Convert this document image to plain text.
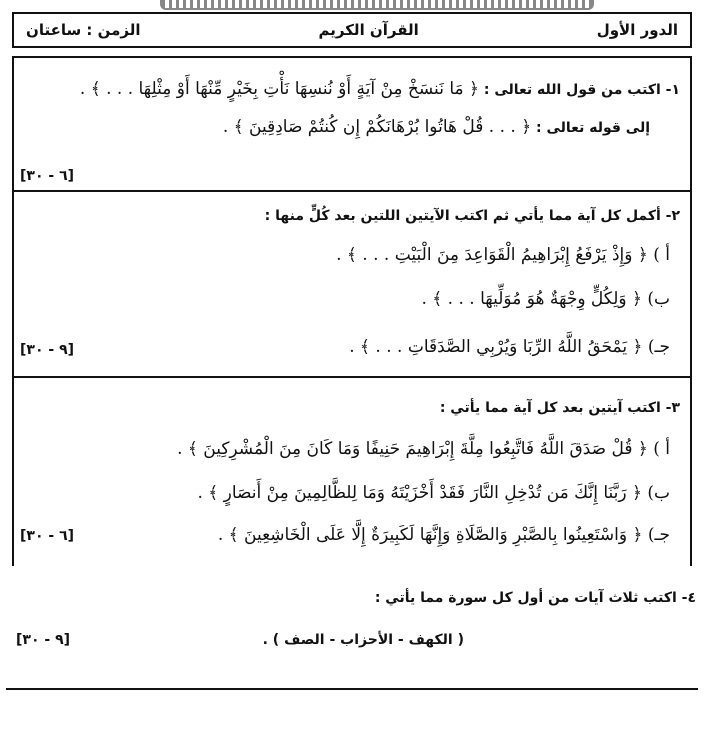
الدور الأول
القرآن الكريم
الزمن : ساعتان
١- اكتب من قول الله تعالى : ﴿ مَا نَنسَخْ مِنْ آيَةٍ أَوْ نُنسِهَا نَأْتِ بِخَيْرٍ مِّنْهَا أَوْ مِثْلِهَا . . . ﴾ .
إلى قوله تعالى : ﴿ . . . قُلْ هَاتُوا بُرْهَانَكُمْ إِن كُنتُمْ صَادِقِينَ ﴾ .
[٦ - ٣٠]
٢- أكمل كل آية مما يأتي ثم اكتب الآيتين اللتين بعد كُلٍّ منها :
أ ) ﴿ وَإِذْ يَرْفَعُ إِبْرَاهِيمُ الْقَوَاعِدَ مِنَ الْبَيْتِ . . . ﴾ .
ب) ﴿ وَلِكُلٍّ وِجْهَةٌ هُوَ مُوَلِّيهَا . . . ﴾ .
جـ) ﴿ يَمْحَقُ اللَّهُ الرِّبَا وَيُرْبِي الصَّدَقَاتِ . . . ﴾ .
[٩ - ٣٠]
٣- اكتب آيتين بعد كل آية مما يأتي :
أ ) ﴿ قُلْ صَدَقَ اللَّهُ فَاتَّبِعُوا مِلَّةَ إِبْرَاهِيمَ حَنِيفًا وَمَا كَانَ مِنَ الْمُشْرِكِينَ ﴾ .
ب) ﴿ رَبَّنَا إِنَّكَ مَن تُدْخِلِ النَّارَ فَقَدْ أَخْزَيْتَهُ وَمَا لِلظَّالِمِينَ مِنْ أَنصَارٍ ﴾ .
جـ) ﴿ وَاسْتَعِينُوا بِالصَّبْرِ وَالصَّلَاةِ وَإِنَّهَا لَكَبِيرَةٌ إِلَّا عَلَى الْخَاشِعِينَ ﴾ .
[٦ - ٣٠]
٤- اكتب ثلاث آيات من أول كل سورة مما يأتي :
( الكهف - الأحزاب - الصف ) .
[٩ - ٣٠]
